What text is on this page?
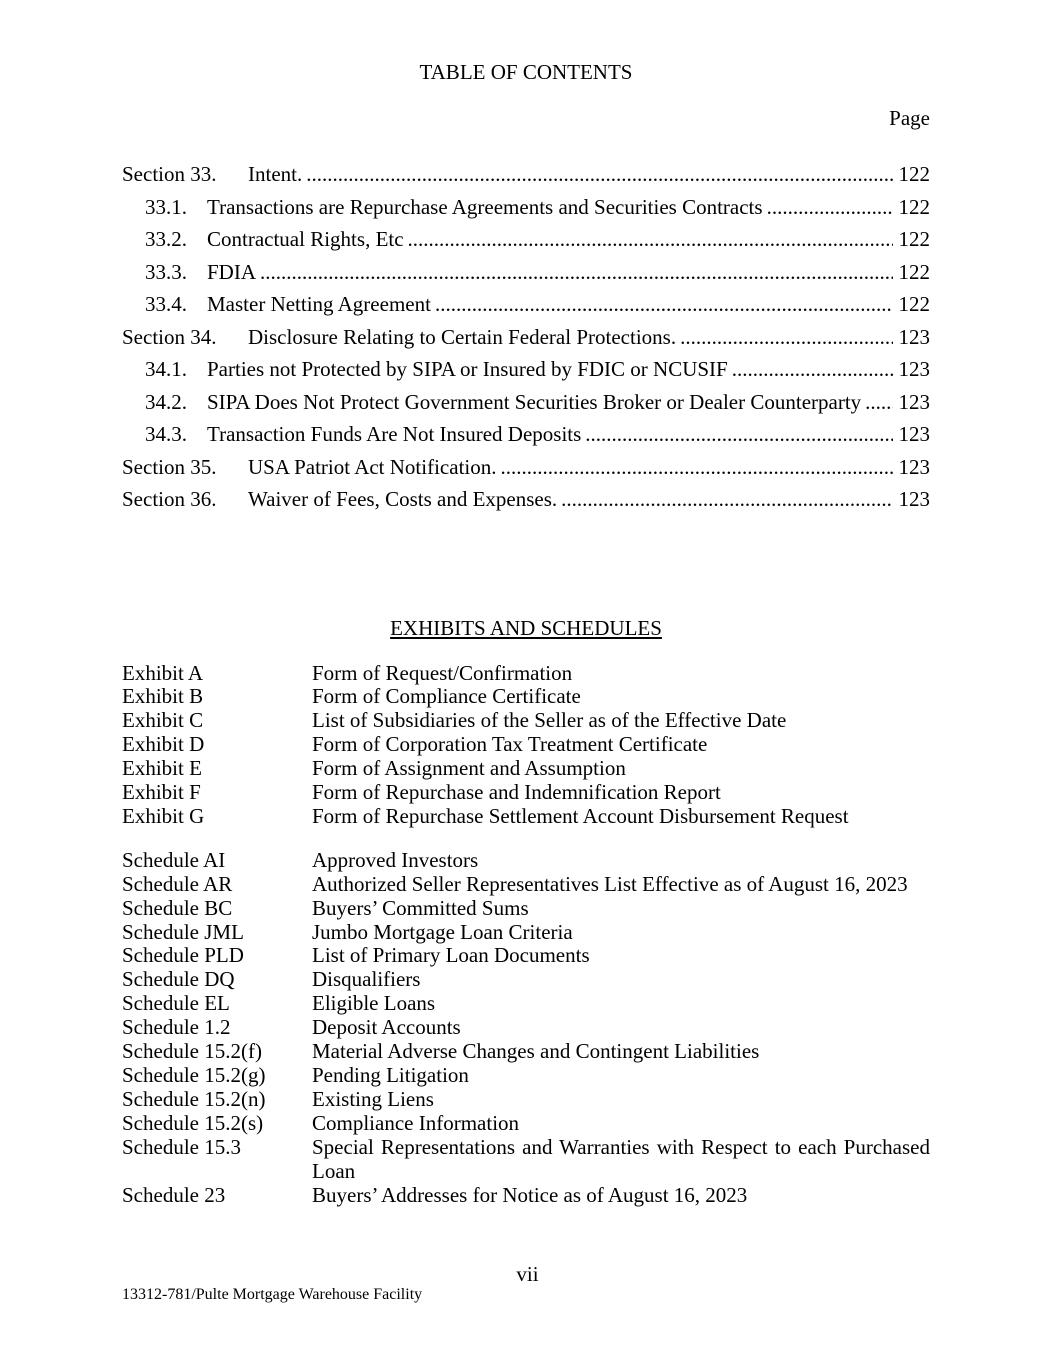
TABLE OF CONTENTS
Page
Section 33.	Intent. .....	122
33.1. Transactions are Repurchase Agreements and Securities Contracts .....	122
33.2. Contractual Rights, Etc .....	122
33.3. FDIA .....	122
33.4. Master Netting Agreement .....	122
Section 34.	Disclosure Relating to Certain Federal Protections. .....	123
34.1. Parties not Protected by SIPA or Insured by FDIC or NCUSIF .....	123
34.2. SIPA Does Not Protect Government Securities Broker or Dealer Counterparty ..... 123
34.3. Transaction Funds Are Not Insured Deposits .....	123
Section 35.	USA Patriot Act Notification. .....	123
Section 36.	Waiver of Fees, Costs and Expenses. .....	123
EXHIBITS AND SCHEDULES
Exhibit A	Form of Request/Confirmation
Exhibit B	Form of Compliance Certificate
Exhibit C	List of Subsidiaries of the Seller as of the Effective Date
Exhibit D	Form of Corporation Tax Treatment Certificate
Exhibit E	Form of Assignment and Assumption
Exhibit F	Form of Repurchase and Indemnification Report
Exhibit G	Form of Repurchase Settlement Account Disbursement Request
Schedule AI	Approved Investors
Schedule AR	Authorized Seller Representatives List Effective as of August 16, 2023
Schedule BC	Buyers’ Committed Sums
Schedule JML	Jumbo Mortgage Loan Criteria
Schedule PLD	List of Primary Loan Documents
Schedule DQ	Disqualifiers
Schedule EL	Eligible Loans
Schedule 1.2	Deposit Accounts
Schedule 15.2(f)	Material Adverse Changes and Contingent Liabilities
Schedule 15.2(g)	Pending Litigation
Schedule 15.2(n)	Existing Liens
Schedule 15.2(s)	Compliance Information
Schedule 15.3	Special Representations and Warranties with Respect to each Purchased Loan
Schedule 23	Buyers’ Addresses for Notice as of August 16, 2023
vii
13312-781/Pulte Mortgage Warehouse Facility
